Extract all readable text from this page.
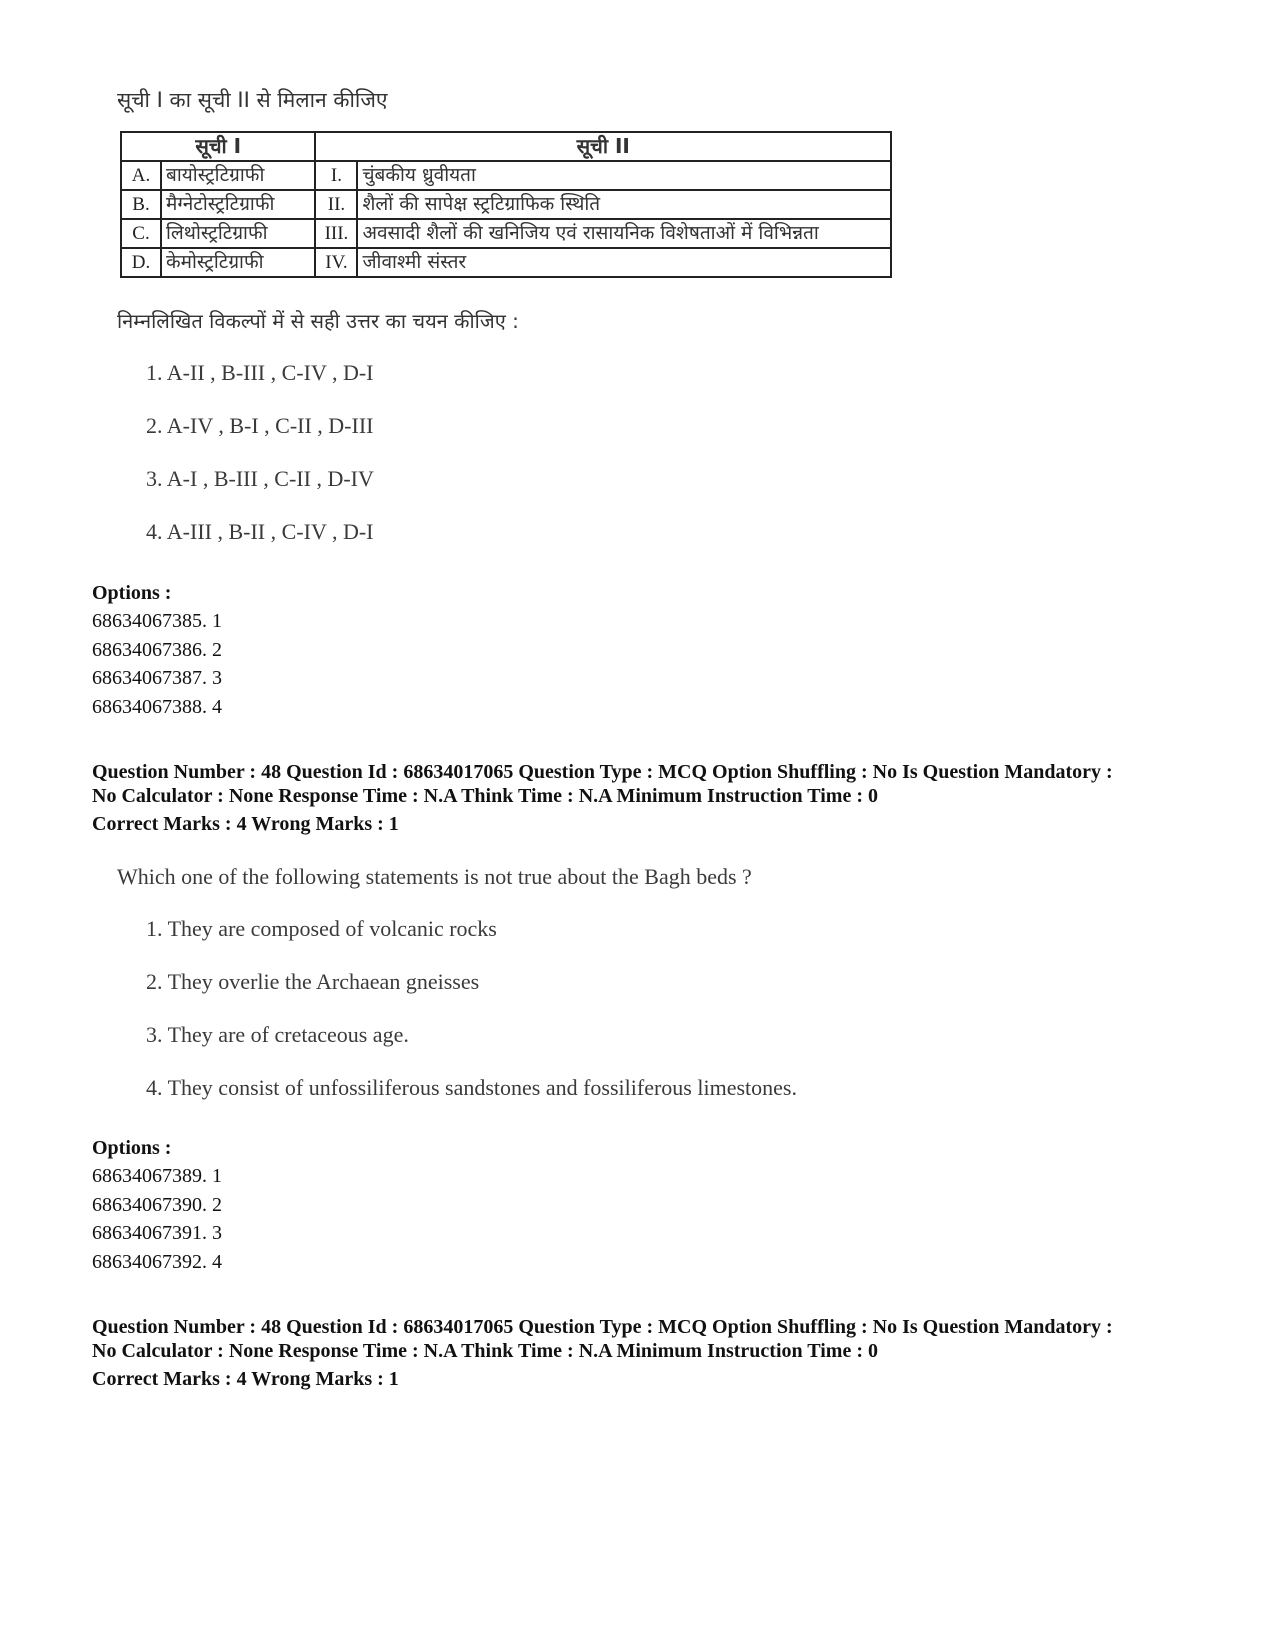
सूची I का सूची II से मिलान कीजिए
सूची I		सूची II	
A.	बायोस्ट्रटिग्राफी	I.	चुंबकीय ध्रुवीयता
B.	मैग्नेटोस्ट्रटिग्राफी	II.	शैलों की सापेक्ष स्ट्रटिग्राफिक स्थिति
C.	लिथोस्ट्रटिग्राफी	III.	अवसादी शैलों की खनिजिय एवं रासायनिक विशेषताओं में विभिन्नता
D.	केमोस्ट्रटिग्राफी	IV.	जीवाश्मी संस्तर
निम्नलिखित विकल्पों में से सही उत्तर का चयन कीजिए :
1. A-II , B-III , C-IV , D-I
2. A-IV , B-I , C-II , D-III
3. A-I , B-III , C-II , D-IV
4. A-III , B-II , C-IV , D-I
Options :
68634067385. 1
68634067386. 2
68634067387. 3
68634067388. 4
Question Number : 48 Question Id : 68634017065 Question Type : MCQ Option Shuffling : No Is Question Mandatory :
No Calculator : None Response Time : N.A Think Time : N.A Minimum Instruction Time : 0
Correct Marks : 4 Wrong Marks : 1
Which one of the following statements is not true about the Bagh beds ?
1. They are composed of volcanic rocks
2. They overlie the Archaean gneisses
3. They are of cretaceous age.
4. They consist of unfossiliferous sandstones and fossiliferous limestones.
Options :
68634067389. 1
68634067390. 2
68634067391. 3
68634067392. 4
Question Number : 48 Question Id : 68634017065 Question Type : MCQ Option Shuffling : No Is Question Mandatory :
No Calculator : None Response Time : N.A Think Time : N.A Minimum Instruction Time : 0
Correct Marks : 4 Wrong Marks : 1
